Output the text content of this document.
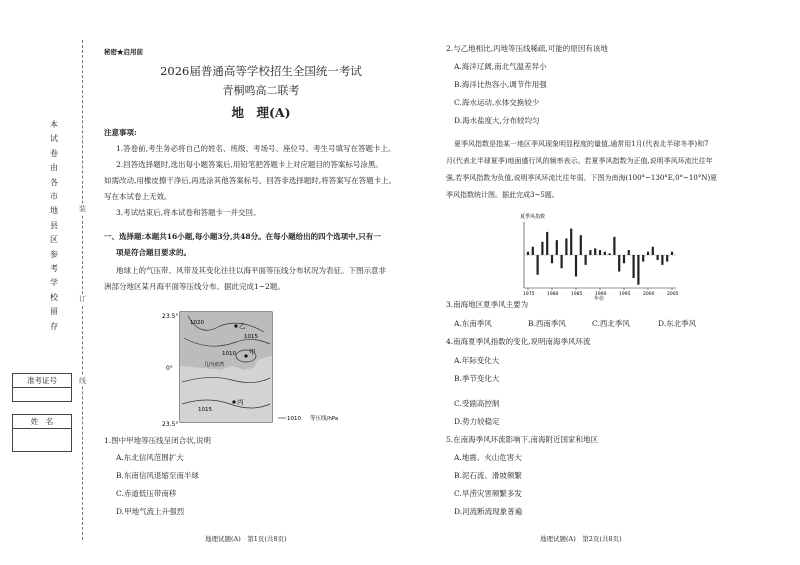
装
订
线
本
试
卷
由
各
市
地
县
区
参
考
学
校
留
存
准考证号
姓　名
秘密★启用前
2026届普通高等学校招生全国统一考试
青桐鸣高二联考
地　理(A)
注意事项:
1.答卷前,考生务必将自己的姓名、班级、考场号、座位号、考生号填写在答题卡上。
2.回答选择题时,选出每小题答案后,用铅笔把答题卡上对应题目的答案标号涂黑。
如需改动,用橡皮擦干净后,再选涂其他答案标号。回答非选择题时,将答案写在答题卡上。
写在本试卷上无效。
3.考试结束后,将本试卷和答题卡一并交回。
一、选择题:本题共16小题,每小题3分,共48分。在每小题给出的四个选项中,只有一
项是符合题目要求的。
地球上的气压带、风带及其变化往往以海平面等压线分布状况为表征。下图示意非
洲部分地区某月海平面等压线分布。据此完成1~2题。
23.5°
0°
23.5°
1020
1015
1010
1015
乙
甲
丙
几内亚湾
1010 等压线/hPa
1.图中甲地等压线呈闭合状,说明
A.东北信风范围扩大
B.东南信风退缩至南半球
C.赤道低压带南移
D.甲地气流上升强烈
地理试题(A)　第1页(共8页)
2.与乙地相比,丙地等压线稀疏,可能的原因有该地
A.海洋辽阔,南北气温差异小
B.海洋比热容小,调节作用强
C.海水运动,水体交换较少
D.海水盐度大,分布较均匀
夏季风指数是指某一地区季风现象明显程度的量值,通常用1月(代表北半球冬季)和7
月(代表北半球夏季)地面盛行风的频率表示。若夏季风指数为正值,说明季风环流比往年
强,若季风指数为负值,说明季风环流比往年弱。下图为南海(100°~130°E,0°~10°N)夏
季风指数统计图。据此完成3~5题。
夏季风指数
1975	1980	1985	1990	1995	2000	2005
年份
3.南海地区夏季风主要为
A.东南季风	B.西南季风	C.西北季风	D.东北季风
4.南海夏季风指数的变化,说明南海季风环流
A.年际变化大
B.季节变化大
C.受副高控制
D.势力较稳定
5.在南海季风环流影响下,南海附近国家和地区
A.地震、火山危害大
B.泥石流、滑坡频繁
C.旱涝灾害频繁多发
D.河流断流现象普遍
地理试题(A)　第2页(共8页)
